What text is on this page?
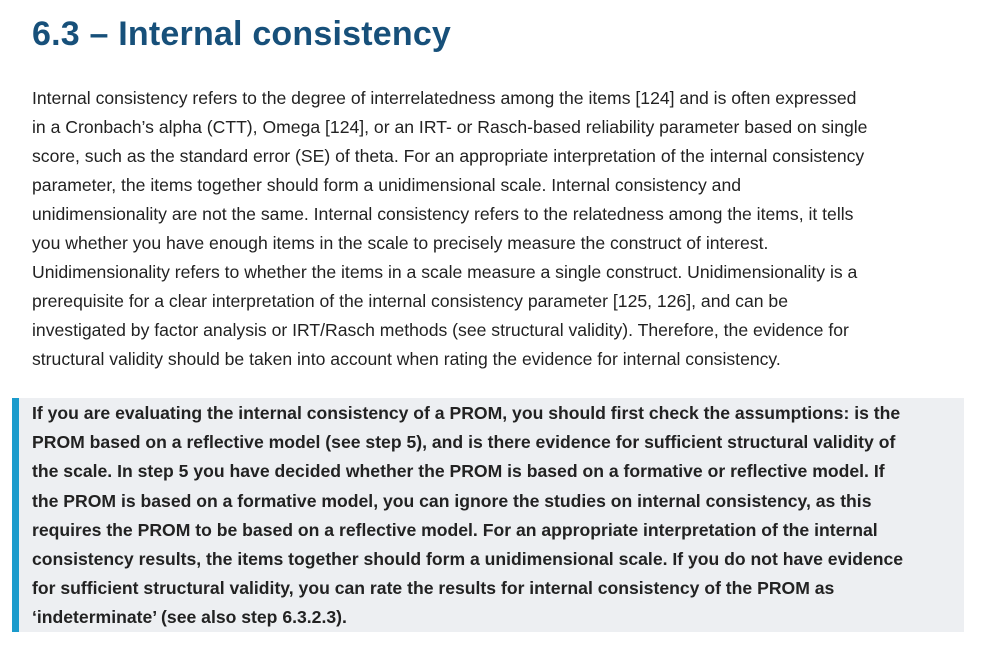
6.3 – Internal consistency

Internal consistency refers to the degree of interrelatedness among the items [124] and is often expressed
in a Cronbach’s alpha (CTT), Omega [124], or an IRT- or Rasch-based reliability parameter based on single
score, such as the standard error (SE) of theta. For an appropriate interpretation of the internal consistency
parameter, the items together should form a unidimensional scale. Internal consistency and
unidimensionality are not the same. Internal consistency refers to the relatedness among the items, it tells
you whether you have enough items in the scale to precisely measure the construct of interest.
Unidimensionality refers to whether the items in a scale measure a single construct. Unidimensionality is a
prerequisite for a clear interpretation of the internal consistency parameter [125, 126], and can be
investigated by factor analysis or IRT/Rasch methods (see structural validity). Therefore, the evidence for
structural validity should be taken into account when rating the evidence for internal consistency.

If you are evaluating the internal consistency of a PROM, you should first check the assumptions: is the
PROM based on a reflective model (see step 5), and is there evidence for sufficient structural validity of
the scale. In step 5 you have decided whether the PROM is based on a formative or reflective model. If
the PROM is based on a formative model, you can ignore the studies on internal consistency, as this
requires the PROM to be based on a reflective model. For an appropriate interpretation of the internal
consistency results, the items together should form a unidimensional scale. If you do not have evidence
for sufficient structural validity, you can rate the results for internal consistency of the PROM as
‘indeterminate’ (see also step 6.3.2.3).
